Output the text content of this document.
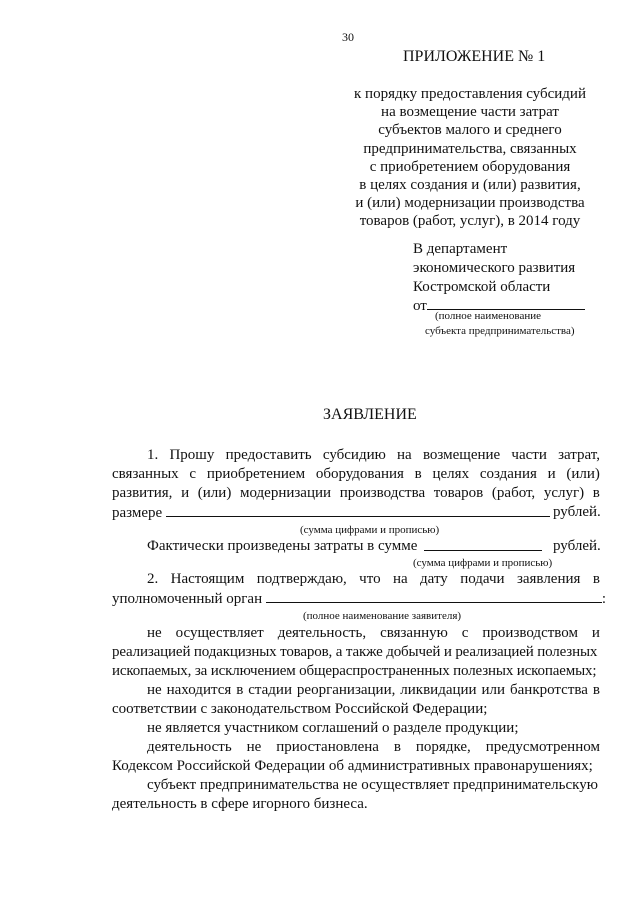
30
ПРИЛОЖЕНИЕ № 1
к порядку предоставления субсидий
на возмещение части затрат
субъектов малого и среднего
предпринимательства, связанных
с приобретением оборудования
в целях создания и (или) развития,
и (или) модернизации производства
товаров (работ, услуг), в 2014 году
В департамент
экономического развития
Костромской области
от
(полное наименование
субъекта предпринимательства)
ЗАЯВЛЕНИЕ
1. Прошу предоставить субсидию на возмещение части затрат,
связанных с приобретением оборудования в целях создания и (или)
развития, и (или) модернизации производства товаров (работ, услуг) в
размере	рублей.
(сумма цифрами и прописью)
Фактически произведены затраты в сумме	рублей.
(сумма цифрами и прописью)
2. Настоящим подтверждаю, что на дату подачи заявления в
уполномоченный орган	:
(полное наименование заявителя)
не осуществляет деятельность, связанную с производством и
реализацией подакцизных товаров, а также добычей и реализацией полезных
ископаемых, за исключением общераспространенных полезных ископаемых;
не находится в стадии реорганизации, ликвидации или банкротства в
соответствии с законодательством Российской Федерации;
не является участником соглашений о разделе продукции;
деятельность не приостановлена в порядке, предусмотренном
Кодексом Российской Федерации об административных правонарушениях;
субъект предпринимательства не осуществляет предпринимательскую
деятельность в сфере игорного бизнеса.
